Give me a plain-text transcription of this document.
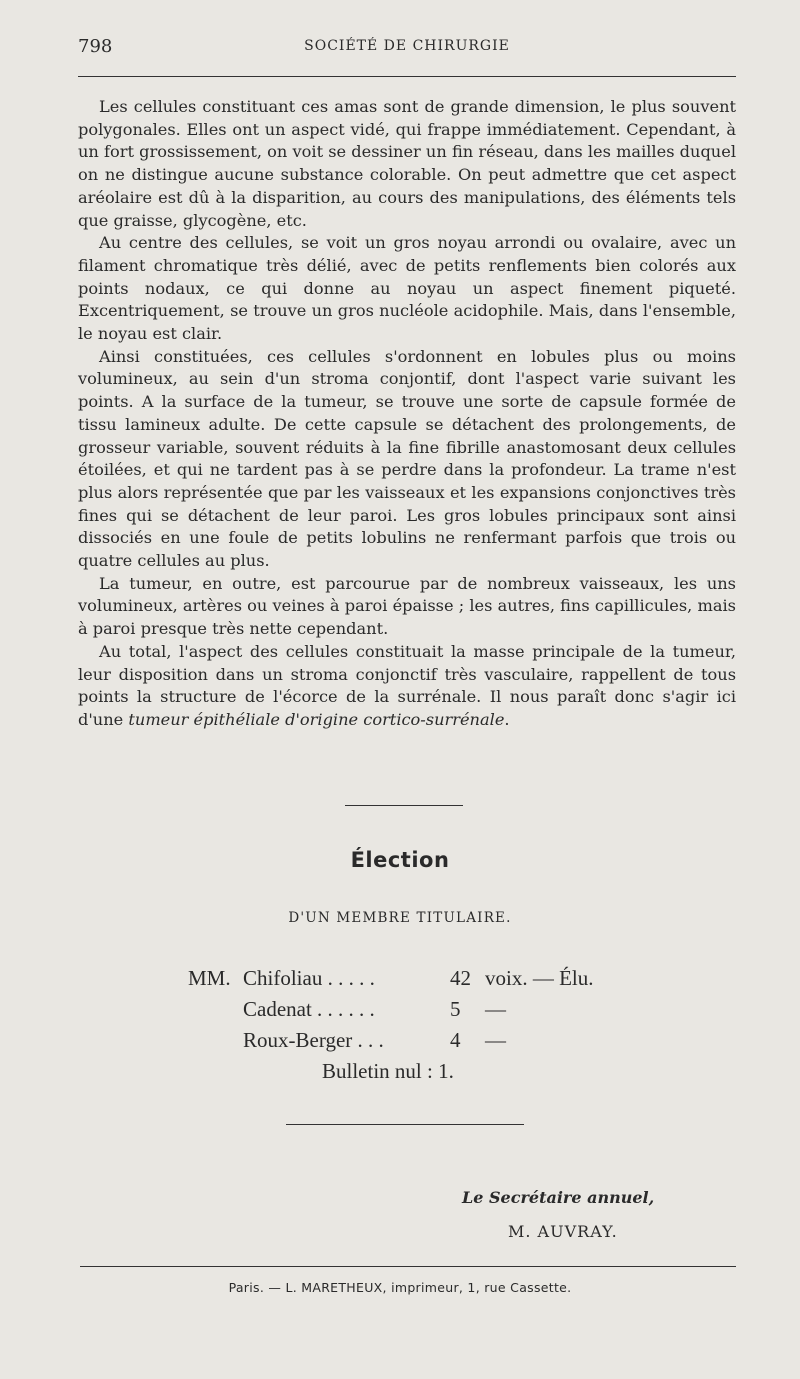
798	SOCIÉTÉ DE CHIRURGIE

Les cellules constituant ces amas sont de grande dimension, le plus souvent polygonales. Elles ont un aspect vidé, qui frappe immédiatement. Cependant, à un fort grossissement, on voit se dessiner un fin réseau, dans les mailles duquel on ne distingue aucune substance colorable. On peut admettre que cet aspect aréolaire est dû à la disparition, au cours des manipulations, des éléments tels que graisse, glycogène, etc.

Au centre des cellules, se voit un gros noyau arrondi ou ovalaire, avec un filament chromatique très délié, avec de petits renflements bien colorés aux points nodaux, ce qui donne au noyau un aspect finement piqueté. Excentriquement, se trouve un gros nucléole acidophile. Mais, dans l'ensemble, le noyau est clair.

Ainsi constituées, ces cellules s'ordonnent en lobules plus ou moins volumineux, au sein d'un stroma conjontif, dont l'aspect varie suivant les points. A la surface de la tumeur, se trouve une sorte de capsule formée de tissu lamineux adulte. De cette capsule se détachent des prolongements, de grosseur variable, souvent réduits à la fine fibrille anastomosant deux cellules étoilées, et qui ne tardent pas à se perdre dans la profondeur. La trame n'est plus alors représentée que par les vaisseaux et les expansions conjonctives très fines qui se détachent de leur paroi. Les gros lobules principaux sont ainsi dissociés en une foule de petits lobulins ne renfermant parfois que trois ou quatre cellules au plus.

La tumeur, en outre, est parcourue par de nombreux vaisseaux, les uns volumineux, artères ou veines à paroi épaisse ; les autres, fins capillicules, mais à paroi presque très nette cependant.

Au total, l'aspect des cellules constituait la masse principale de la tumeur, leur disposition dans un stroma conjonctif très vasculaire, rappellent de tous points la structure de l'écorce de la surrénale. Il nous paraît donc s'agir ici d'une tumeur épithéliale d'origine cortico-surrénale.

Élection
D'UN MEMBRE TITULAIRE.
MM. Chifoliau . . . . .	42 voix. — Élu.
Cadenat . . . . . .	5 —
Roux-Berger . . .	4 —
Bulletin nul : 1.
Le Secrétaire annuel,
M. AUVRAY.
Paris. — L. MARETHEUX, imprimeur, 1, rue Cassette.
